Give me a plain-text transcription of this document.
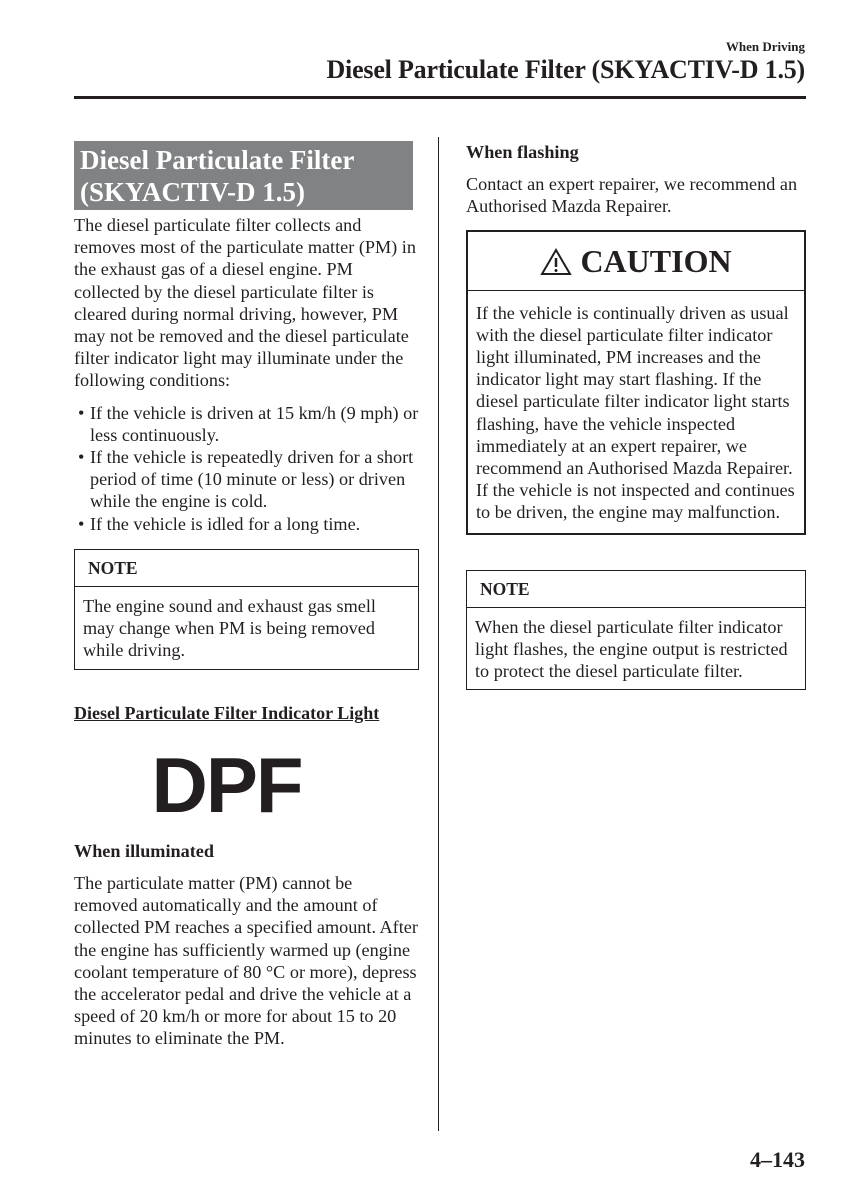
When Driving
Diesel Particulate Filter (SKYACTIV-D 1.5)
Diesel Particulate Filter
(SKYACTIV-D 1.5)

The diesel particulate filter collects and removes most of the particulate matter (PM) in the exhaust gas of a diesel engine. PM collected by the diesel particulate filter is cleared during normal driving, however, PM may not be removed and the diesel particulate filter indicator light may illuminate under the following conditions:

• If the vehicle is driven at 15 km/h (9 mph) or less continuously.
• If the vehicle is repeatedly driven for a short period of time (10 minute or less) or driven while the engine is cold.
• If the vehicle is idled for a long time.
NOTE
The engine sound and exhaust gas smell may change when PM is being removed while driving.
Diesel Particulate Filter Indicator Light
DPF
When illuminated

The particulate matter (PM) cannot be removed automatically and the amount of collected PM reaches a specified amount. After the engine has sufficiently warmed up (engine coolant temperature of 80 °C or more), depress the accelerator pedal and drive the vehicle at a speed of 20 km/h or more for about 15 to 20 minutes to eliminate the PM.

When flashing

Contact an expert repairer, we recommend an Authorised Mazda Repairer.

CAUTION
If the vehicle is continually driven as usual with the diesel particulate filter indicator light illuminated, PM increases and the indicator light may start flashing. If the diesel particulate filter indicator light starts flashing, have the vehicle inspected immediately at an expert repairer, we recommend an Authorised Mazda Repairer. If the vehicle is not inspected and continues to be driven, the engine may malfunction.
NOTE
When the diesel particulate filter indicator light flashes, the engine output is restricted to protect the diesel particulate filter.
4–143
